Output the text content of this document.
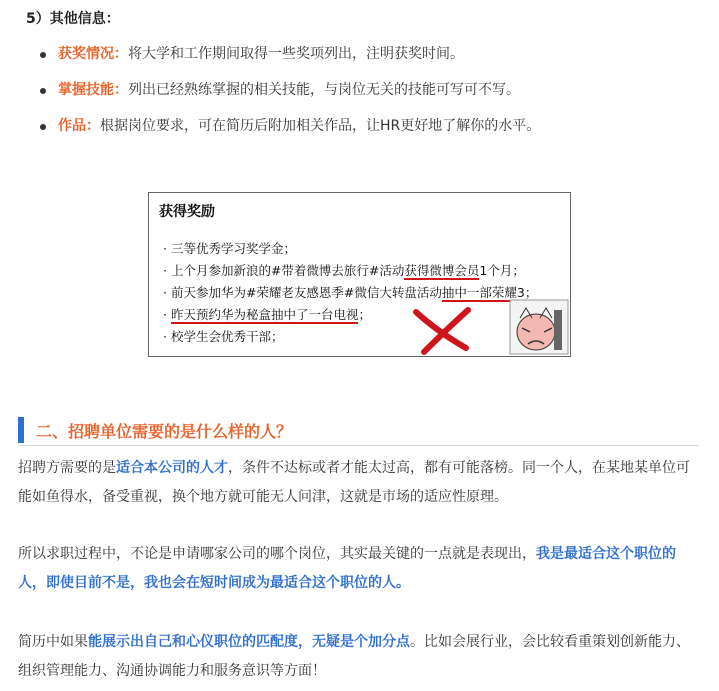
5）其他信息：
获奖情况：将大学和工作期间取得一些奖项列出，注明获奖时间。
掌握技能：列出已经熟练掌握的相关技能，与岗位无关的技能可写可不写。
作品：根据岗位要求，可在简历后附加相关作品，让HR更好地了解你的水平。
获得奖励
· 三等优秀学习奖学金；
· 上个月参加新浪的#带着微博去旅行#活动获得微博会员1个月；
· 前天参加华为#荣耀老友感恩季#微信大转盘活动抽中一部荣耀3；
· 昨天预约华为秘盒抽中了一台电视；
· 校学生会优秀干部；
二、招聘单位需要的是什么样的人？
招聘方需要的是适合本公司的人才，条件不达标或者才能太过高，都有可能落榜。同一个人，在某地某单位可能如鱼得水，备受重视，换个地方就可能无人问津，这就是市场的适应性原理。
所以求职过程中，不论是申请哪家公司的哪个岗位，其实最关键的一点就是表现出，我是最适合这个职位的人，即使目前不是，我也会在短时间成为最适合这个职位的人。
简历中如果能展示出自己和心仪职位的匹配度，无疑是个加分点。比如会展行业，会比较看重策划创新能力、组织管理能力、沟通协调能力和服务意识等方面！
